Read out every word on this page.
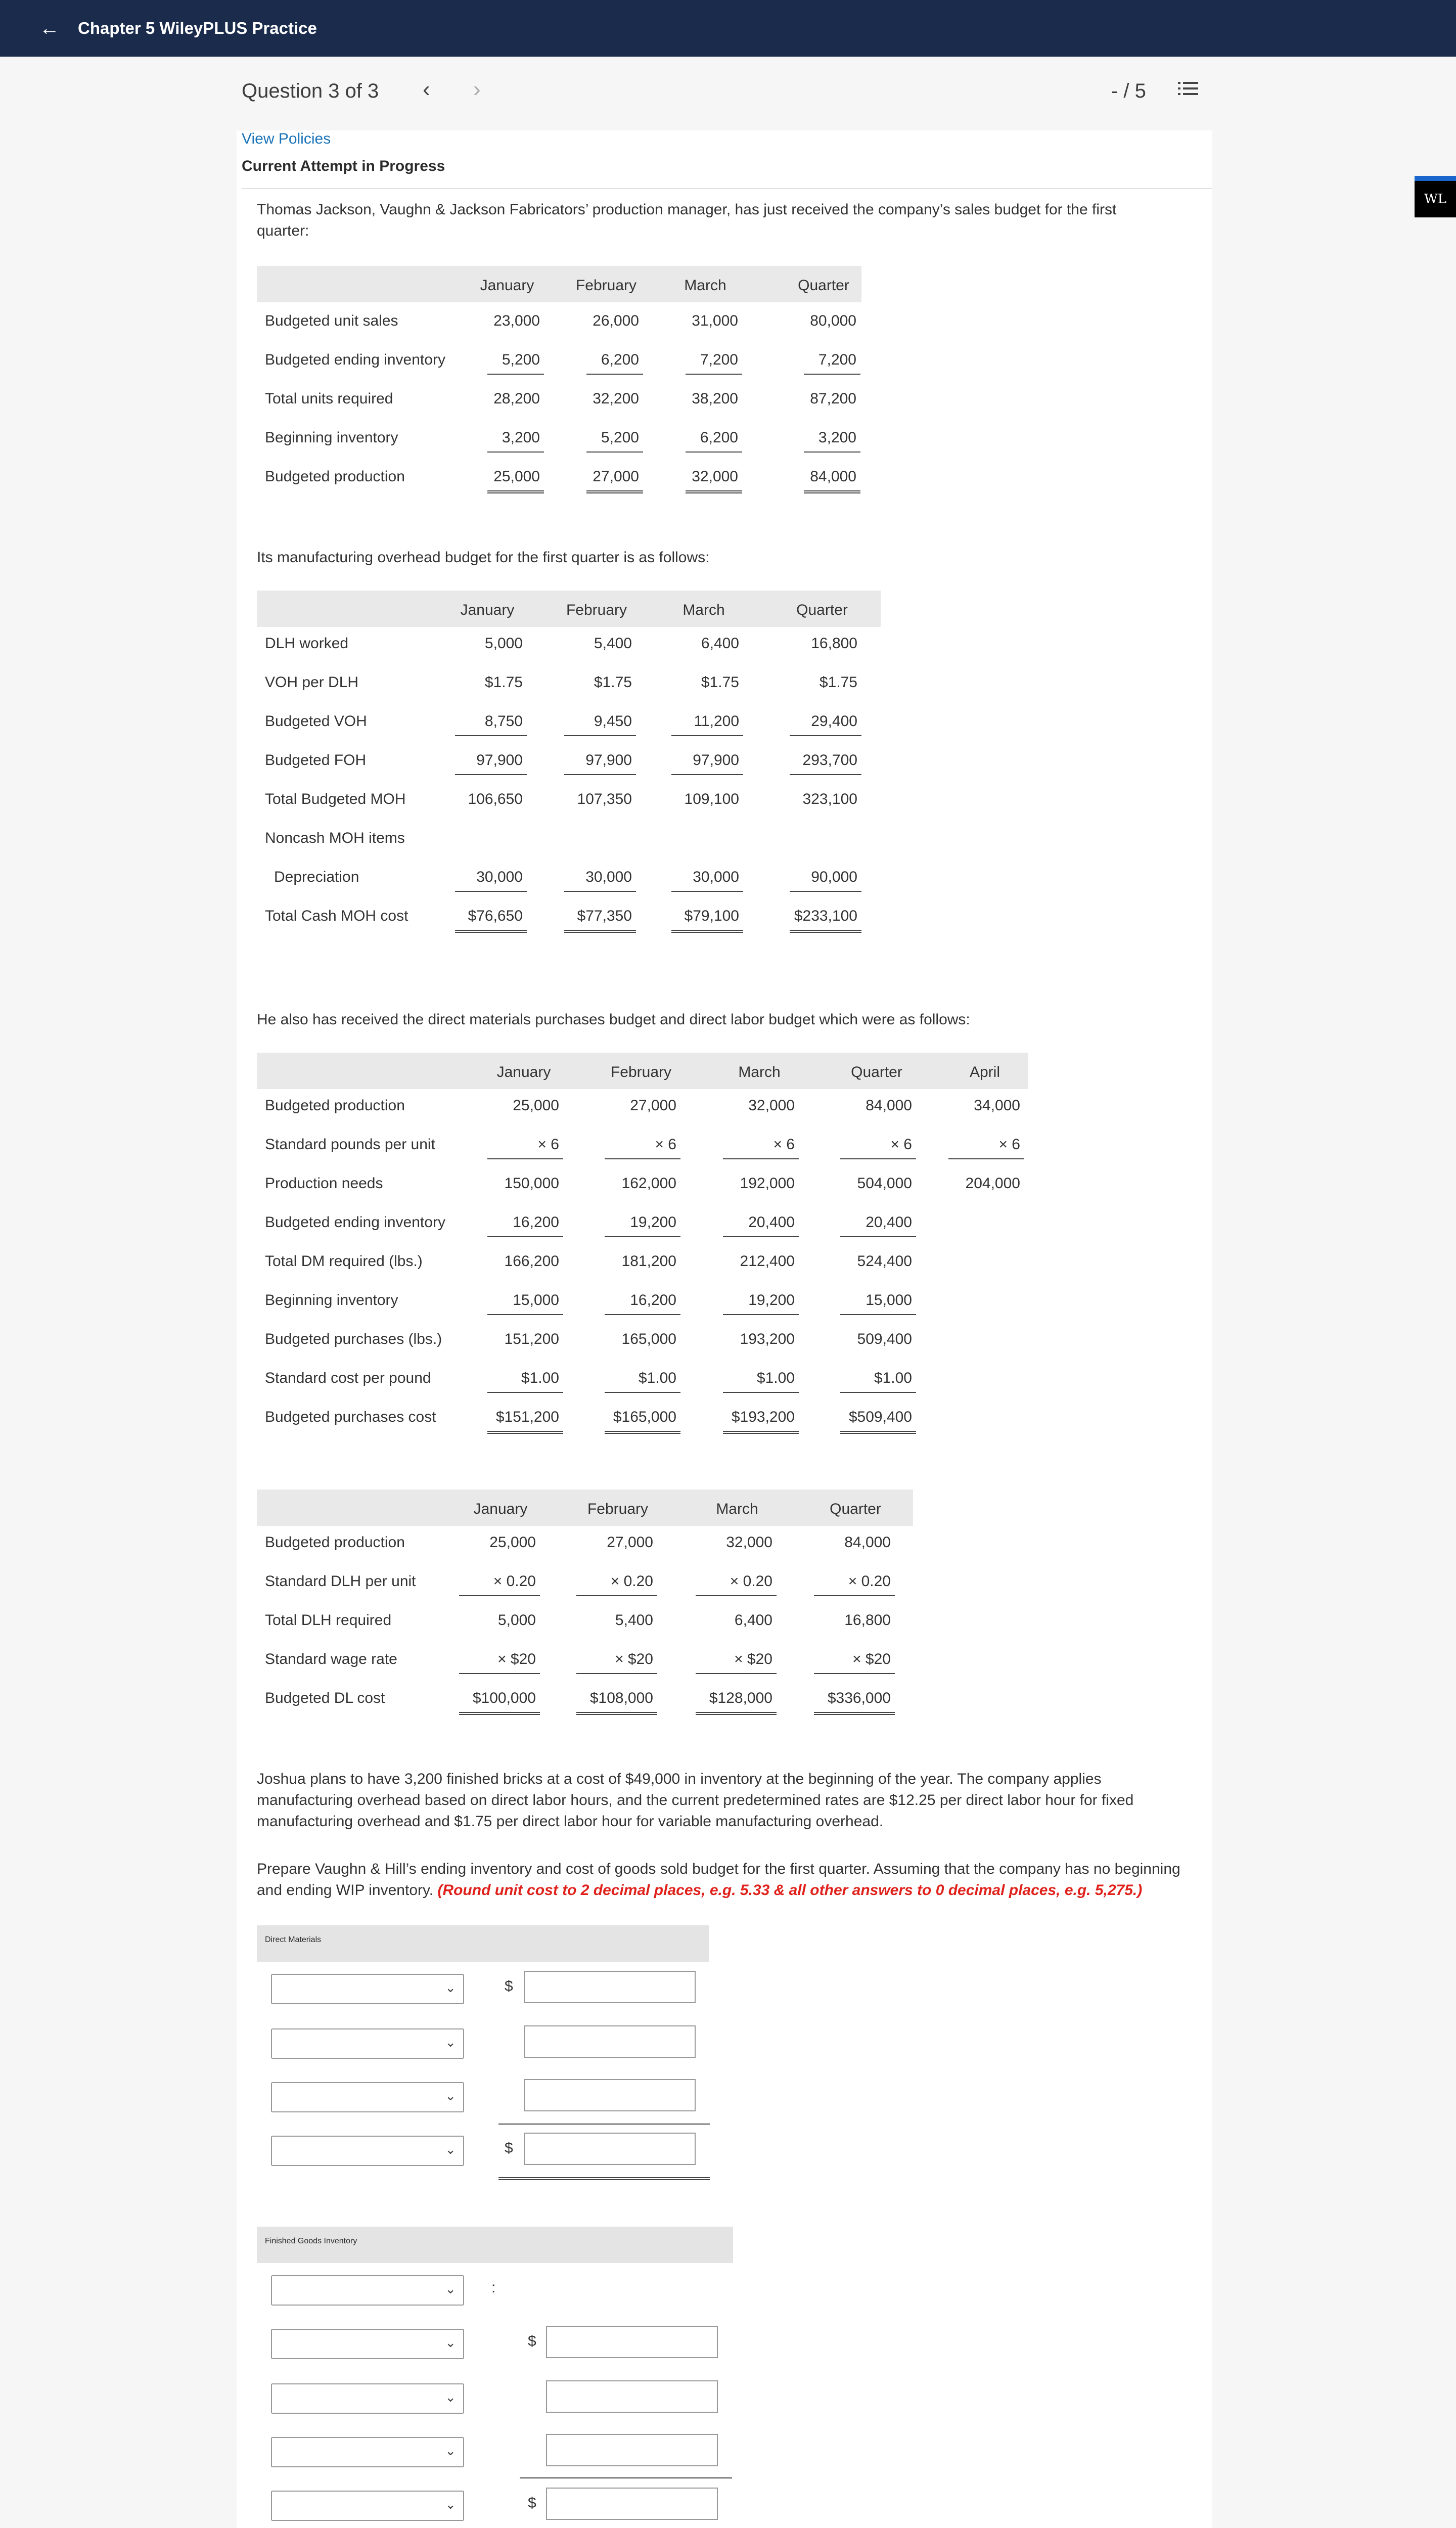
← Chapter 5 WileyPLUS Practice
Question 3 of 3 ‹ ›	- / 5
WL
View Policies
Current Attempt in Progress
Thomas Jackson, Vaughn & Jackson Fabricators’ production manager, has just received the company’s sales budget for the first quarter:
Its manufacturing overhead budget for the first quarter is as follows:
He also has received the direct materials purchases budget and direct labor budget which were as follows:
Joshua plans to have 3,200 finished bricks at a cost of $49,000 in inventory at the beginning of the year. The company applies manufacturing overhead based on direct labor hours, and the current predetermined rates are $12.25 per direct labor hour for fixed manufacturing overhead and $1.75 per direct labor hour for variable manufacturing overhead.
Prepare Vaughn & Hill’s ending inventory and cost of goods sold budget for the first quarter. Assuming that the company has no beginning and ending WIP inventory. (Round unit cost to 2 decimal places, e.g. 5.33 & all other answers to 0 decimal places, e.g. 5,275.)
January	February	March	Quarter
Budgeted unit sales	23,000	26,000	31,000	80,000
Budgeted ending inventory	5,200	6,200	7,200	7,200
Total units required	28,200	32,200	38,200	87,200
Beginning inventory	3,200	5,200	6,200	3,200
Budgeted production	25,000	27,000	32,000	84,000
January	February	March	Quarter
DLH worked	5,000	5,400	6,400	16,800
VOH per DLH	$1.75	$1.75	$1.75	$1.75
Budgeted VOH	8,750	9,450	11,200	29,400
Budgeted FOH	97,900	97,900	97,900	293,700
Total Budgeted MOH	106,650	107,350	109,100	323,100
Noncash MOH items
Depreciation	30,000	30,000	30,000	90,000
Total Cash MOH cost	$76,650	$77,350	$79,100	$233,100
January	February	March	Quarter	April
Budgeted production	25,000	27,000	32,000	84,000	34,000
Standard pounds per unit	× 6	× 6	× 6	× 6	× 6
Production needs	150,000	162,000	192,000	504,000	204,000
Budgeted ending inventory	16,200	19,200	20,400	20,400
Total DM required (lbs.)	166,200	181,200	212,400	524,400
Beginning inventory	15,000	16,200	19,200	15,000
Budgeted purchases (lbs.)	151,200	165,000	193,200	509,400
Standard cost per pound	$1.00	$1.00	$1.00	$1.00
Budgeted purchases cost	$151,200	$165,000	$193,200	$509,400
January	February	March	Quarter
Budgeted production	25,000	27,000	32,000	84,000
Standard DLH per unit	× 0.20	× 0.20	× 0.20	× 0.20
Total DLH required	5,000	5,400	6,400	16,800
Standard wage rate	× $20	× $20	× $20	× $20
Budgeted DL cost	$100,000	$108,000	$128,000	$336,000
Direct Materials
⌄	$
⌄
⌄
⌄	$
Finished Goods Inventory
⌄ :
⌄	$
⌄
⌄
⌄	$
